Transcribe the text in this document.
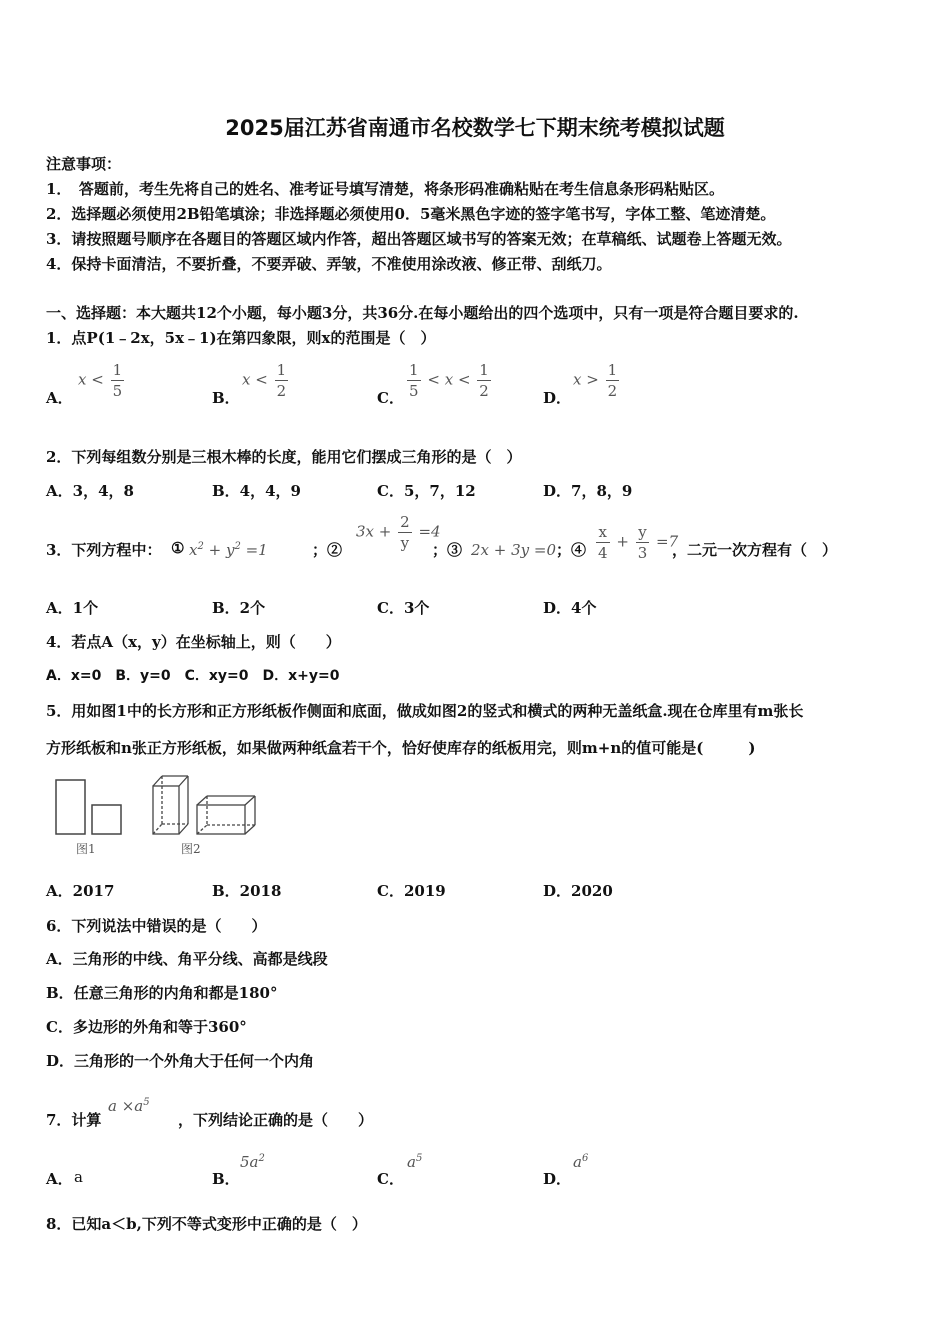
2025届江苏省南通市名校数学七下期末统考模拟试题
注意事项：
1．　答题前，考生先将自己的姓名、准考证号填写清楚，将条形码准确粘贴在考生信息条形码粘贴区。
2．选择题必须使用2B铅笔填涂；非选择题必须使用0．5毫米黑色字迹的签字笔书写，字体工整、笔迹清楚。
3．请按照题号顺序在各题目的答题区域内作答，超出答题区域书写的答案无效；在草稿纸、试题卷上答题无效。
4．保持卡面清洁，不要折叠，不要弄破、弄皱，不准使用涂改液、修正带、刮纸刀。
一、选择题：本大题共12个小题，每小题3分，共36分.在每小题给出的四个选项中，只有一项是符合题目要求的.
1．点P(1﹣2x，5x﹣1)在第四象限，则x的范围是（　）
A．
$x < \frac{1}{5}$	B．
$x < \frac{1}{2}$	C． $\frac{1}{5} < x < \frac{1}{2}$	D．
$x > \frac{1}{2}$
2．下列每组数分别是三根木棒的长度，能用它们摆成三角形的是（　）
A．3，4，8	B．4，4，9	C．5，7，12	D．7，8，9
3．下列方程中： ① $x^2 + y^2 =1$	；②
$3x + \frac{2}{y} =4$
；③ 2x + 3y =0 ；④ $\frac{x}{4} + \frac{y}{3} =7$
，二元一次方程有（　）
A．1个	B．2个	C．3个	D．4个
4．若点A（x，y）在坐标轴上，则（　　）
A．x=0　B．y=0　C．xy=0　D．x+y=0
5．用如图1中的长方形和正方形纸板作侧面和底面，做成如图2的竖式和横式的两种无盖纸盒.现在仓库里有m张长
方形纸板和n张正方形纸板，如果做两种纸盒若干个，恰好使库存的纸板用完，则m+n的值可能是(　　　)
图1	图2
A．2017	B．2018	C．2019	D．2020
6．下列说法中错误的是（　　）
A．三角形的中线、角平分线、高都是线段
B．任意三角形的内角和都是180°
C．多边形的外角和等于360°
D．三角形的一个外角大于任何一个内角
7．计算
$a \times a^5$
，下列结论正确的是（　　）
A． a	B．
$5a^2$
C．
$a^5$
D．
$a^6$
8．已知a＜b,下列不等式变形中正确的是（　）
